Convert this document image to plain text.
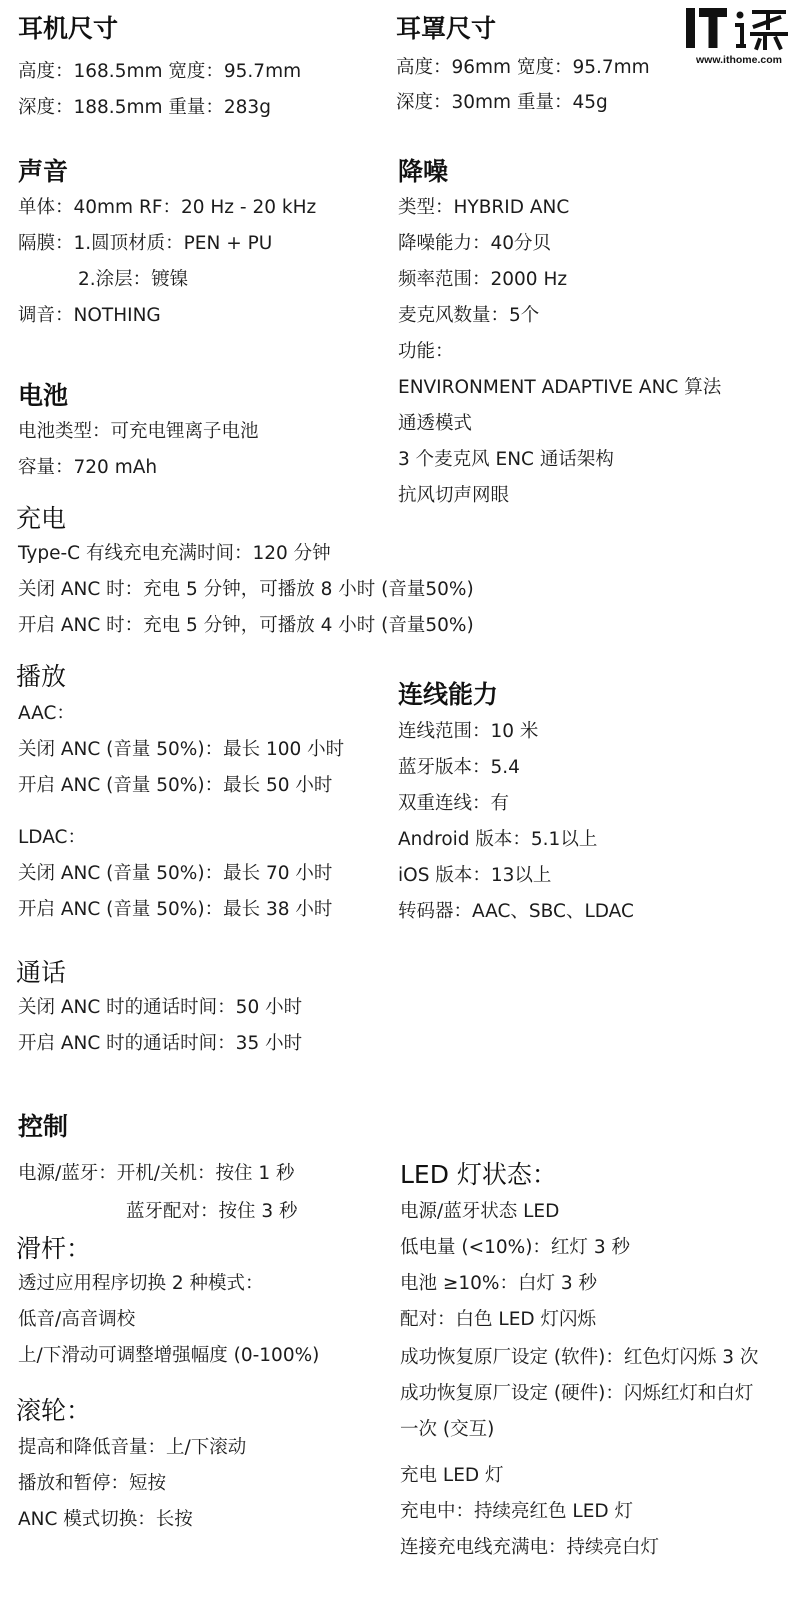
www.ithome.com
耳机尺寸

高度：168.5mm 宽度：95.7mm

深度：188.5mm 重量：283g

声音

单体：40mm RF：20 Hz - 20 kHz

隔膜：1.圆顶材质：PEN + PU

2.涂层：镀镍

调音：NOTHING

电池

电池类型：可充电锂离子电池

容量：720 mAh

充电

Type-C 有线充电充满时间：120 分钟

关闭 ANC 时：充电 5 分钟，可播放 8 小时 (音量50%)

开启 ANC 时：充电 5 分钟，可播放 4 小时 (音量50%)

播放

AAC：

关闭 ANC (音量 50%)：最长 100 小时

开启 ANC (音量 50%)：最长 50 小时

LDAC：

关闭 ANC (音量 50%)：最长 70 小时

开启 ANC (音量 50%)：最长 38 小时

通话

关闭 ANC 时的通话时间：50 小时

开启 ANC 时的通话时间：35 小时

控制

电源/蓝牙：开机/关机：按住 1 秒

蓝牙配对：按住 3 秒

滑杆：

透过应用程序切换 2 种模式：

低音/高音调校

上/下滑动可调整增强幅度 (0-100%)

滚轮：

提高和降低音量：上/下滚动

播放和暂停：短按

ANC 模式切换：长按

耳罩尺寸

高度：96mm 宽度：95.7mm

深度：30mm 重量：45g

降噪

类型：HYBRID ANC

降噪能力：40分贝

频率范围：2000 Hz

麦克风数量：5个

功能：

ENVIRONMENT ADAPTIVE ANC 算法

通透模式

3 个麦克风 ENC 通话架构

抗风切声网眼

连线能力

连线范围：10 米

蓝牙版本：5.4

双重连线：有

Android 版本：5.1以上

iOS 版本：13以上

转码器：AAC、SBC、LDAC

LED 灯状态：

电源/蓝牙状态 LED

低电量 (<10%)：红灯 3 秒

电池 ≥10%：白灯 3 秒

配对：白色 LED 灯闪烁

成功恢复原厂设定 (软件)：红色灯闪烁 3 次

成功恢复原厂设定 (硬件)：闪烁红灯和白灯

一次 (交互)

充电 LED 灯

充电中：持续亮红色 LED 灯

连接充电线充满电：持续亮白灯
